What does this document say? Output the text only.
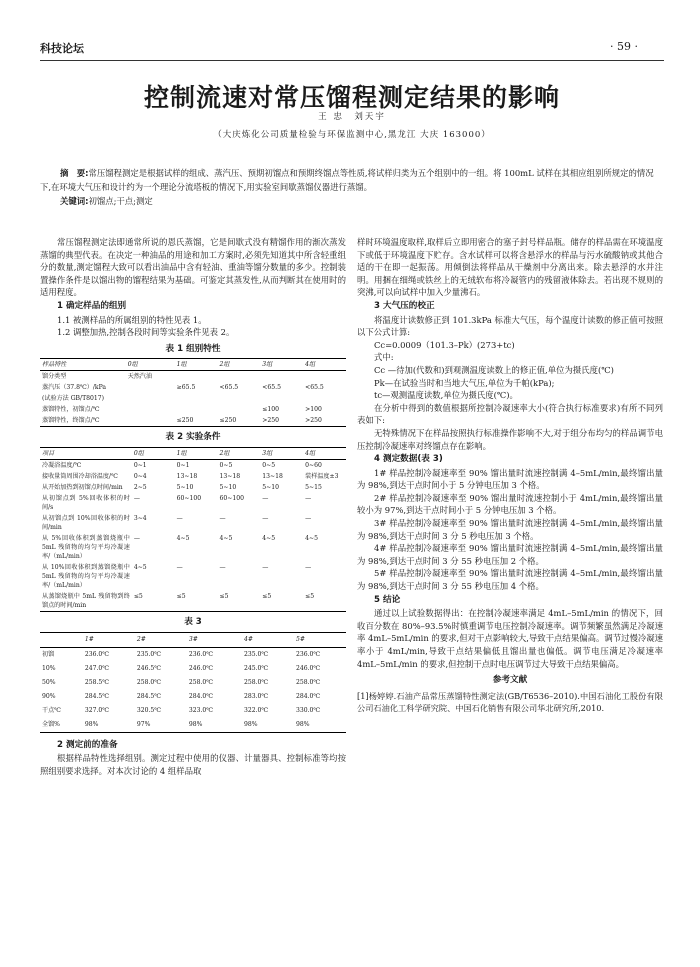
科技论坛	· 59 ·
控制流速对常压馏程测定结果的影响
王 忠　刘天宇
（大庆炼化公司质量检验与环保监测中心,黑龙江 大庆 163000）
摘　要:常压馏程测定是根据试样的组成、蒸汽压、预期初馏点和预期终馏点等性质,将试样归类为五个组别中的一组。将 100mL 试样在其相应组别所规定的情况下,在环境大气压和设计约为一个理论分流塔板的情况下,用实验室间歇蒸馏仪器进行蒸馏。
关键词:初馏点;干点;测定
常压馏程测定法即通常所说的恩氏蒸馏，它是间歇式没有精馏作用的渐次蒸发蒸馏的典型代表。在决定一种油品的用途和加工方案时,必须先知道其中所含轻重组分的数量,测定馏程大致可以看出油品中含有轻油、重油等馏分数量的多少。控制装置操作条件是以馏出物的馏程结果为基础。可鉴定其蒸发性,从而判断其在使用时的适用程度。
1 确定样品的组别
1.1 被测样品的所属组别的特性见表 1。
1.2 调整加热,控制各段时间等实验条件见表 2。
表 1 组别特性
样品特性	0组	1组	2组	3组	4组
馏分类型	天然汽油				
蒸汽压（37.8℃）/kPa		≥65.5	<65.5	<65.5	<65.5
(试验方法 GB/T8017)					
蒸馏特性，初馏点/℃				≤100	>100
蒸馏特性，终馏点/℃		≤250	≤250	>250	>250
表 2 实验条件
项目	0组	1组	2组	3组	4组
冷凝浴温度/℃	0~1	0~1	0~5	0~5	0~60
接收量筒周围冷却浴温度/℃	0~4	13~18	13~18	13~18	装样温度±3
从开始加热到初馏点时间/min	2~5	5~10	5~10	5~10	5~15
从初馏点到 5%回收体积的时间/s	—	60~100	60~100	—	—
从初馏点到 10%回收体积的时间/min	3~4	—	—	—	—
从 5%回收体积到蒸馏烧瓶中 5mL 残留物的均匀平均冷凝速率/（mL/min）	—	4~5	4~5	4~5	4~5
从 10%回收体积到蒸馏烧瓶中 5mL 残留物的均匀平均冷凝速率/（mL/min）	4~5	—	—	—	—
从蒸馏烧瓶中 5mL 残留物到终馏点的时间/min	≤5	≤5	≤5	≤5	≤5
表 3
	1#	2#	3#	4#	5#
初馏	236.0℃	235.0℃	236.0℃	235.0℃	236.0℃
10%	247.0℃	246.5℃	246.0℃	245.0℃	246.0℃
50%	258.5℃	258.0℃	258.0℃	258.0℃	258.0℃
90%	284.5℃	284.5℃	284.0℃	283.0℃	284.0℃
干点℃	327.0℃	320.5℃	323.0℃	322.0℃	330.0℃
全馏%	98%	97%	98%	98%	98%
2 测定前的准备
根据样品特性选择组别。测定过程中使用的仪器、计量器具、控制标准等均按照组别要求选择。对本次讨论的 4 组样品取
样时环境温度取样,取样后立即用密合的塞子封号样品瓶。储存的样品需在环境温度下或低于环境温度下贮存。含水试样可以将含悬浮水的样品与污水硫酸钠或其他合适的干在即一起振荡。用倾倒法将样品从干燥剂中分离出来。除去悬浮的水并注明。用捆在细绳或铁丝上的无绒软布将冷凝管内的残留液体除去。若出现不规则的突沸,可以向试样中加入少量沸石。
3 大气压的校正
将温度计读数修正到 101.3kPa 标准大气压，每个温度计读数的修正值可按照以下公式计算:
Cc=0.0009（101.3–Pk）(273+tc)
式中:
Cc —待加(代数和)到观测温度读数上的修正值,单位为摄氏度(℃)
Pk—在试验当时和当地大气压,单位为千帕(kPa);
tc—观测温度读数,单位为摄氏度(℃)。
在分析中得到的数值根据所控制冷凝速率大小(符合执行标准要求)有所不同列表如下:
无特殊情况下在样品按照执行标准操作影响不大,对于组分布均匀的样品调节电压控制冷凝速率对终馏点存在影响。
4 测定数据(表 3)
1# 样品控制冷凝速率至 90% 馏出量时流速控制满 4–5mL/min,最终馏出量为 98%,到达干点时间小于 5 分钟电压加 3 个格。
2# 样品控制冷凝速率至 90% 馏出量时流速控制小于 4mL/min,最终馏出量较小为 97%,到达干点时间小于 5 分钟电压加 3 个格。
3# 样品控制冷凝速率至 90% 馏出量时流速控制满 4–5mL/min,最终馏出量为 98%,到达干点时间 3 分 5 秒电压加 3 个格。
4# 样品控制冷凝速率至 90% 馏出量时流速控制满 4–5mL/min,最终馏出量为 98%,到达干点时间 3 分 55 秒电压加 2 个格。
5# 样品控制冷凝速率至 90% 馏出量时流速控制满 4–5mL/min,最终馏出量为 98%,到达干点时间 3 分 55 秒电压加 4 个格。
5 结论
通过以上试验数据得出：在控制冷凝速率满足 4mL–5mL/min 的情况下，回收百分数在 80%–93.5%时慎重调节电压控制冷凝速率。调节频繁虽然满足冷凝速率 4mL–5mL/min 的要求,但对干点影响较大,导致干点结果偏高。调节过慢冷凝速率小于 4mL/min,导致干点结果偏低且馏出量也偏低。调节电压满足冷凝速率 4mL–5mL/min 的要求,但控制干点时电压调节过大导致干点结果偏高。
参考文献
[1]杨婷婷.石油产品常压蒸馏特性测定法(GB/T6536–2010).中国石油化工股份有限公司石油化工科学研究院、中国石化销售有限公司华北研究所,2010.
